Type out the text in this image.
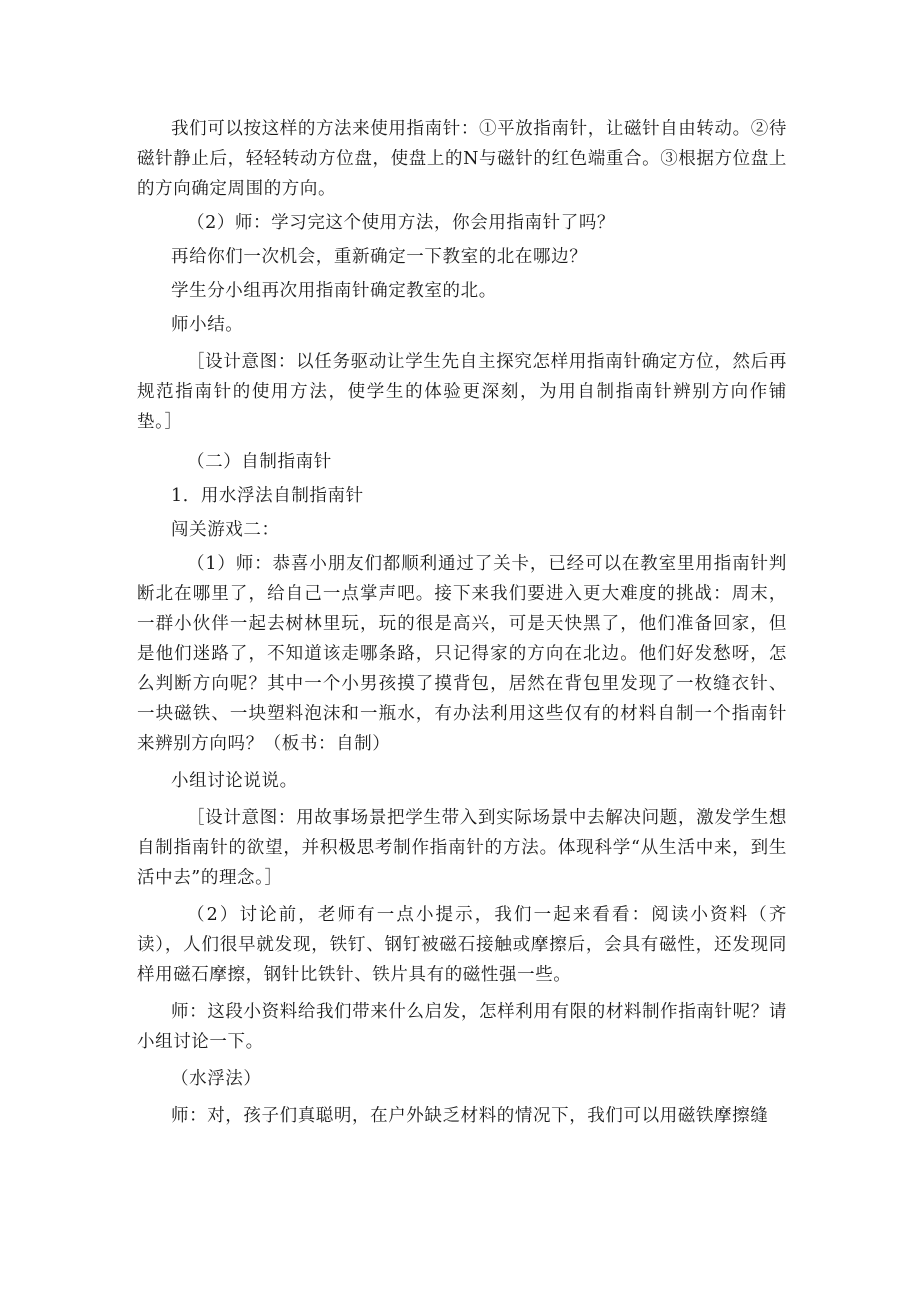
我们可以按这样的方法来使用指南针：①平放指南针，让磁针自由转动。②待磁针静止后，轻轻转动方位盘，使盘上的N与磁针的红色端重合。③根据方位盘上的方向确定周围的方向。

（2）师：学习完这个使用方法，你会用指南针了吗？

再给你们一次机会，重新确定一下教室的北在哪边？

学生分小组再次用指南针确定教室的北。

师小结。

［设计意图：以任务驱动让学生先自主探究怎样用指南针确定方位，然后再规范指南针的使用方法，使学生的体验更深刻，为用自制指南针辨别方向作铺垫。］

（二）自制指南针

1．用水浮法自制指南针

闯关游戏二：

（1）师：恭喜小朋友们都顺利通过了关卡，已经可以在教室里用指南针判断北在哪里了，给自己一点掌声吧。接下来我们要进入更大难度的挑战：周末，一群小伙伴一起去树林里玩，玩的很是高兴，可是天快黑了，他们准备回家，但是他们迷路了，不知道该走哪条路，只记得家的方向在北边。他们好发愁呀，怎么判断方向呢？其中一个小男孩摸了摸背包，居然在背包里发现了一枚缝衣针、一块磁铁、一块塑料泡沫和一瓶水，有办法利用这些仅有的材料自制一个指南针来辨别方向吗？（板书：自制）

小组讨论说说。

［设计意图：用故事场景把学生带入到实际场景中去解决问题，激发学生想自制指南针的欲望，并积极思考制作指南针的方法。体现科学“从生活中来，到生活中去”的理念。］

（2）讨论前，老师有一点小提示，我们一起来看看：阅读小资料（齐读），人们很早就发现，铁钉、钢钉被磁石接触或摩擦后，会具有磁性，还发现同样用磁石摩擦，钢针比铁针、铁片具有的磁性强一些。

师：这段小资料给我们带来什么启发，怎样利用有限的材料制作指南针呢？请小组讨论一下。

（水浮法）

师：对，孩子们真聪明，在户外缺乏材料的情况下，我们可以用磁铁摩擦缝
